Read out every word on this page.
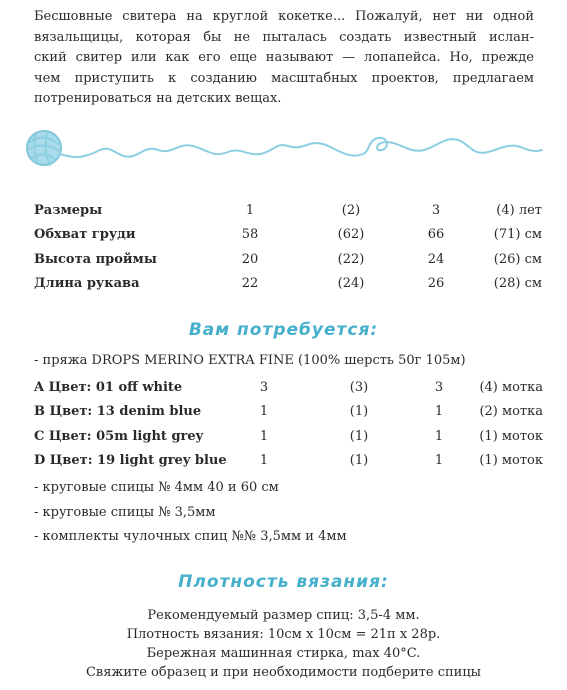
Бесшовные свитера на круглой кокетке... Пожалуй, нет ни одной
вязальщицы, которая бы не пыталась создать известный ислан-
ский свитер или как его еще называют — лопапейса. Но, прежде
чем приступить к созданию масштабных проектов, предлагаем
потренироваться на детских вещах.
Размеры	1	(2)	3	(4) лет
Обхват груди	58	(62)	66	(71) см
Высота проймы	20	(22)	24	(26) см
Длина рукава	22	(24)	26	(28) см
Вам потребуется:
- пряжа DROPS MERINO EXTRA FINE (100% шерсть 50г 105м)
A Цвет: 01 off white	3	(3)	3	(4) мотка
B Цвет: 13 denim blue	1	(1)	1	(2) мотка
C Цвет: 05m light grey	1	(1)	1	(1) моток
D Цвет: 19 light grey blue	1	(1)	1	(1) моток
- круговые спицы № 4мм 40 и 60 см
- круговые спицы № 3,5мм
- комплекты чулочных спиц №№ 3,5мм и 4мм
Плотность вязания:
Рекомендуемый размер спиц: 3,5-4 мм.
Плотность вязания: 10см х 10см = 21п х 28р.
Бережная машинная стирка, max 40°C.
Свяжите образец и при необходимости подберите спицы
